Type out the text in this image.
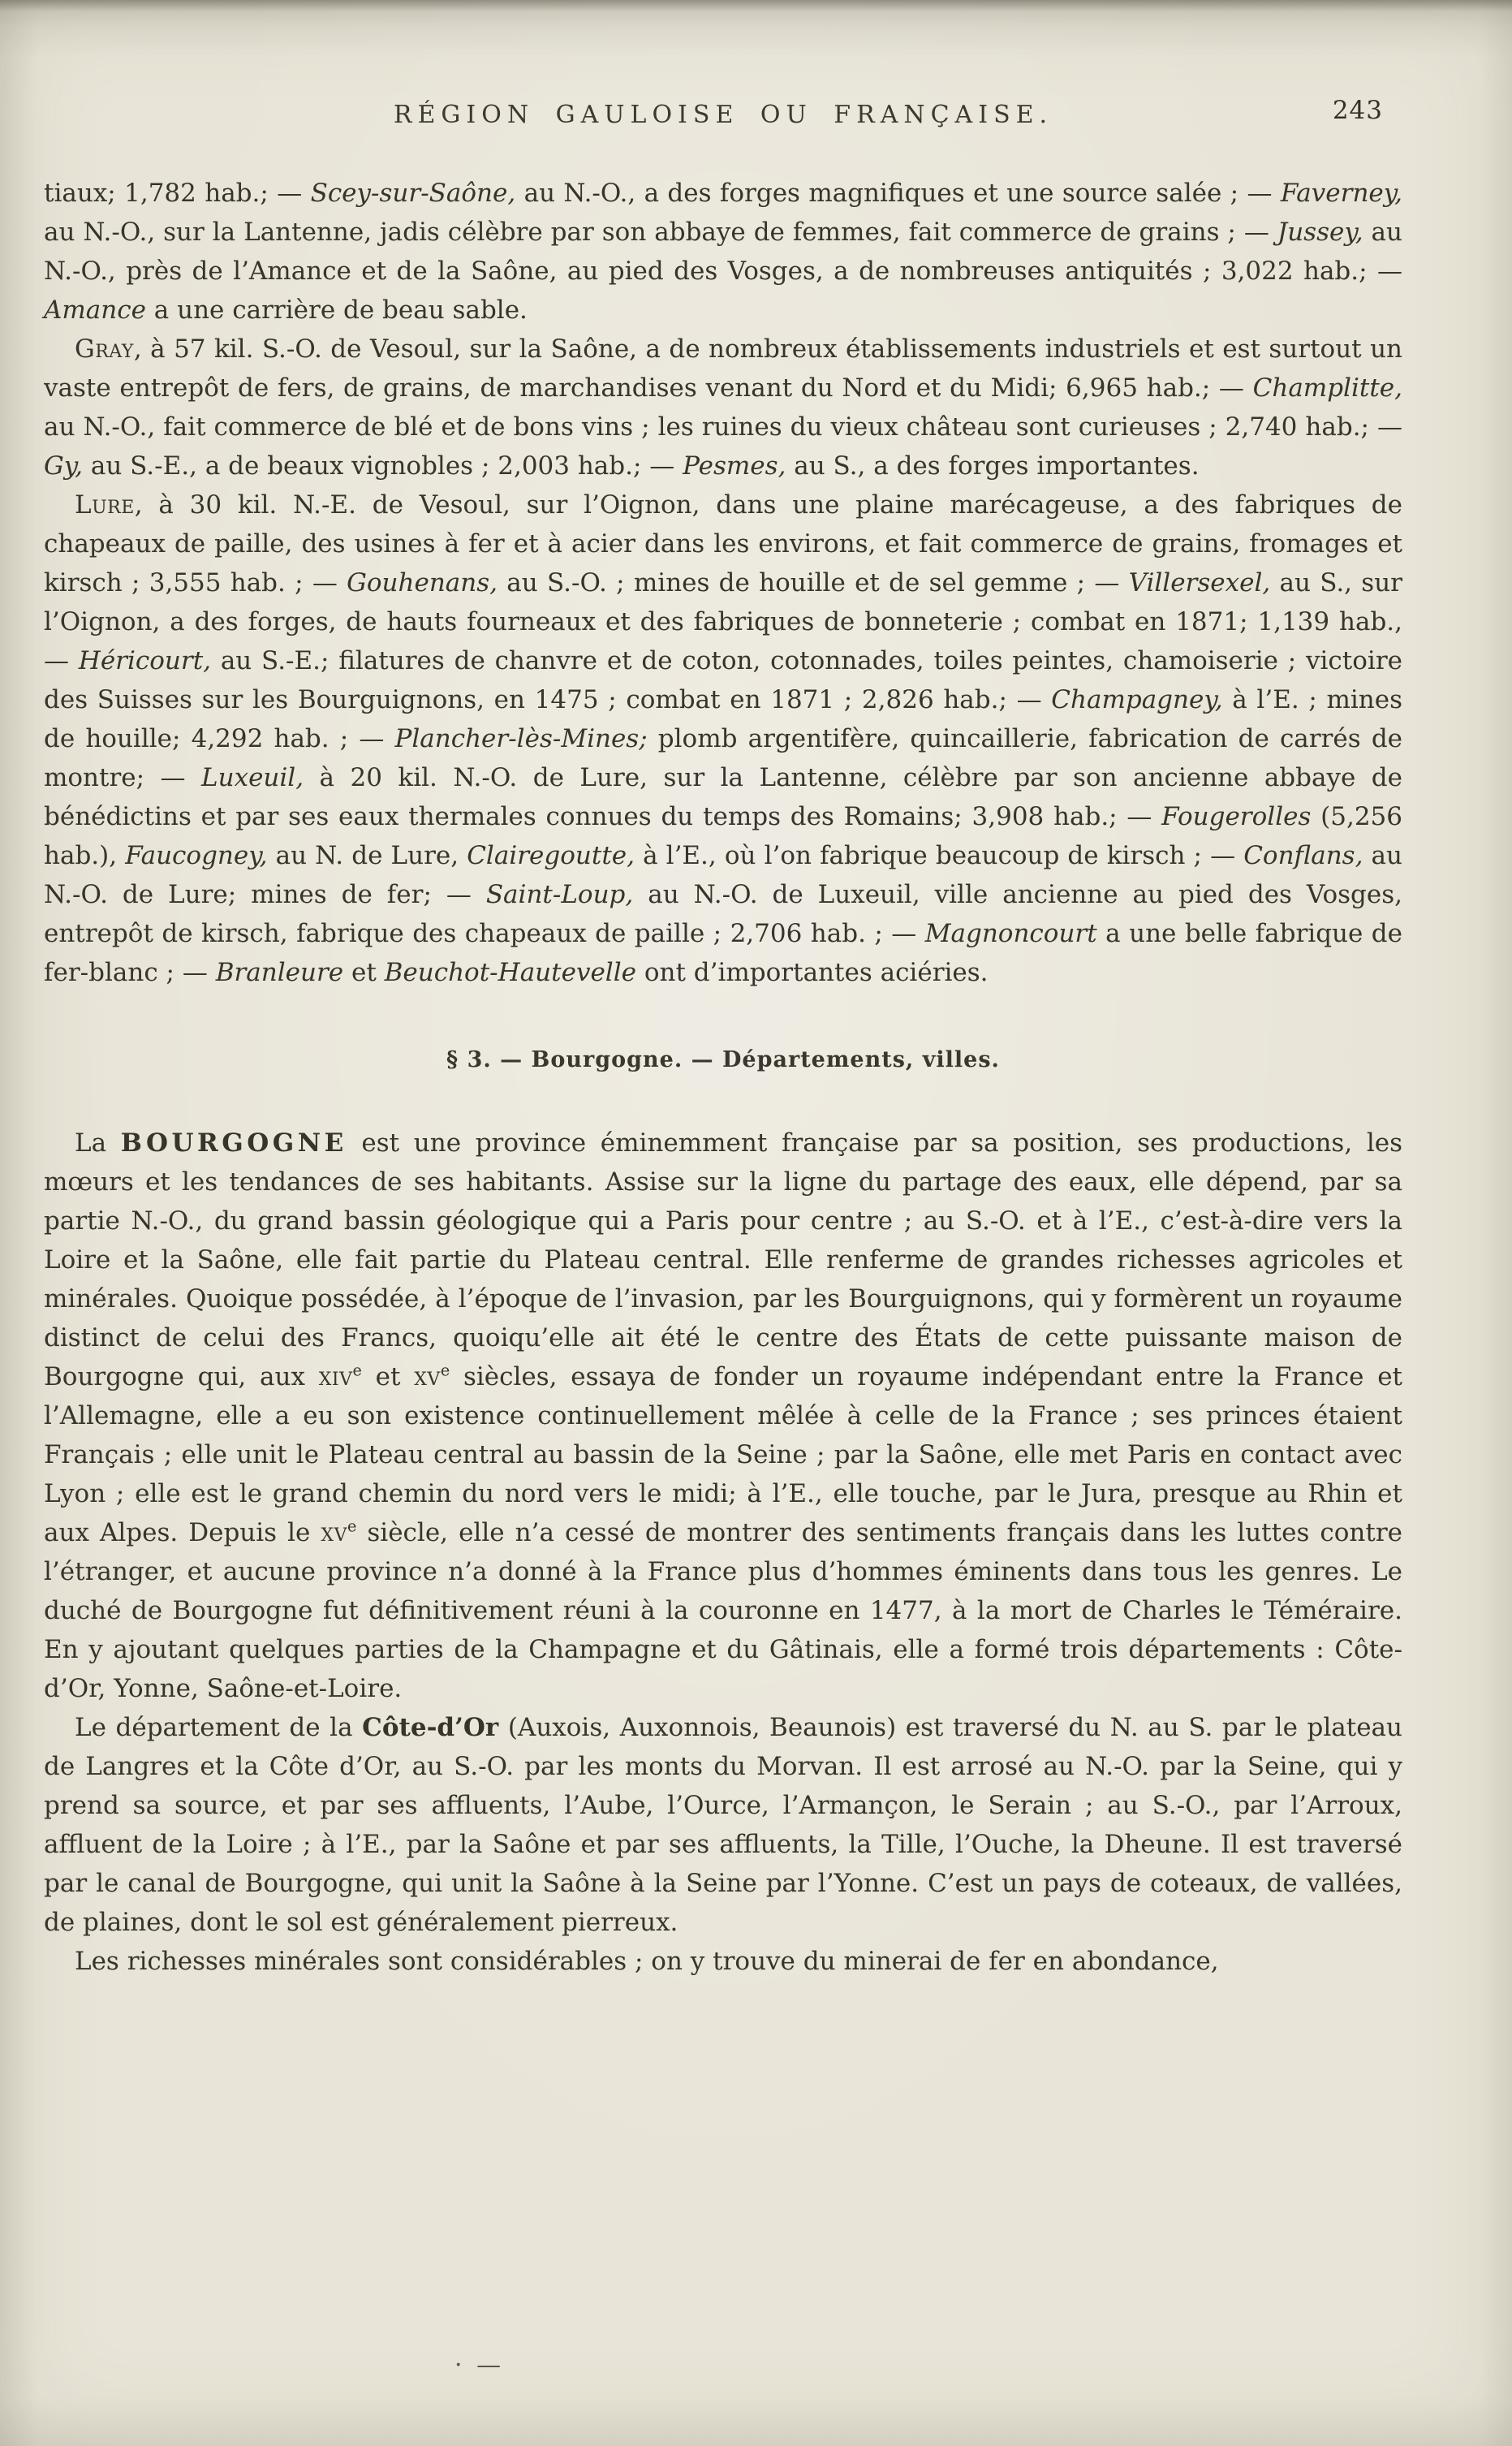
RÉGION GAULOISE OU FRANÇAISE.	243

tiaux; 1,782 hab.; — Scey-sur-Saône, au N.-O., a des forges magnifiques et une source salée ; — Faverney, au N.-O., sur la Lantenne, jadis célèbre par son abbaye de femmes, fait commerce de grains ; — Jussey, au N.-O., près de l’Amance et de la Saône, au pied des Vosges, a de nombreuses antiquités ; 3,022 hab.; — Amance a une carrière de beau sable.

Gray, à 57 kil. S.-O. de Vesoul, sur la Saône, a de nombreux établissements industriels et est surtout un vaste entrepôt de fers, de grains, de marchandises venant du Nord et du Midi; 6,965 hab.; — Champlitte, au N.-O., fait commerce de blé et de bons vins ; les ruines du vieux château sont curieuses ; 2,740 hab.; — Gy, au S.-E., a de beaux vignobles ; 2,003 hab.; — Pesmes, au S., a des forges importantes.

Lure, à 30 kil. N.-E. de Vesoul, sur l’Oignon, dans une plaine marécageuse, a des fabriques de chapeaux de paille, des usines à fer et à acier dans les environs, et fait commerce de grains, fromages et kirsch ; 3,555 hab. ; — Gouhenans, au S.-O. ; mines de houille et de sel gemme ; — Villersexel, au S., sur l’Oignon, a des forges, de hauts fourneaux et des fabriques de bonneterie ; combat en 1871; 1,139 hab., — Héricourt, au S.-E.; filatures de chanvre et de coton, cotonnades, toiles peintes, chamoiserie ; victoire des Suisses sur les Bourguignons, en 1475 ; combat en 1871 ; 2,826 hab.; — Champagney, à l’E. ; mines de houille; 4,292 hab. ; — Plancher-lès-Mines; plomb argentifère, quincaillerie, fabrication de carrés de montre; — Luxeuil, à 20 kil. N.-O. de Lure, sur la Lantenne, célèbre par son ancienne abbaye de bénédictins et par ses eaux thermales connues du temps des Romains; 3,908 hab.; — Fougerolles (5,256 hab.), Faucogney, au N. de Lure, Clairegoutte, à l’E., où l’on fabrique beaucoup de kirsch ; — Conflans, au N.-O. de Lure; mines de fer; — Saint-Loup, au N.-O. de Luxeuil, ville ancienne au pied des Vosges, entrepôt de kirsch, fabrique des chapeaux de paille ; 2,706 hab. ; — Magnoncourt a une belle fabrique de fer-blanc ; — Branleure et Beuchot-Hautevelle ont d’importantes aciéries.

§ 3. — Bourgogne. — Départements, villes.

La BOURGOGNE est une province éminemment française par sa position, ses productions, les mœurs et les tendances de ses habitants. Assise sur la ligne du partage des eaux, elle dépend, par sa partie N.-O., du grand bassin géologique qui a Paris pour centre ; au S.-O. et à l’E., c’est-à-dire vers la Loire et la Saône, elle fait partie du Plateau central. Elle renferme de grandes richesses agricoles et minérales. Quoique possédée, à l’époque de l’invasion, par les Bourguignons, qui y formèrent un royaume distinct de celui des Francs, quoiqu’elle ait été le centre des États de cette puissante maison de Bourgogne qui, aux xiv$^e$ et $xv^e$ siècles, essaya de fonder un royaume indépendant entre la France et l’Allemagne, elle a eu son existence continuellement mêlée à celle de la France ; ses princes étaient Français ; elle unit le Plateau central au bassin de la Seine ; par la Saône, elle met Paris en contact avec Lyon ; elle est le grand chemin du nord vers le midi; à l’E., elle touche, par le Jura, presque au Rhin et aux Alpes. Depuis le $xv^e$ siècle, elle n’a cessé de montrer des sentiments français dans les luttes contre l’étranger, et aucune province n’a donné à la France plus d’hommes éminents dans tous les genres. Le duché de Bourgogne fut définitivement réuni à la couronne en 1477, à la mort de Charles le Téméraire. En y ajoutant quelques parties de la Champagne et du Gâtinais, elle a formé trois départements : Côte-d’Or, Yonne, Saône-et-Loire.

Le département de la Côte-d’Or (Auxois, Auxonnois, Beaunois) est traversé du N. au S. par le plateau de Langres et la Côte d’Or, au S.-O. par les monts du Morvan. Il est arrosé au N.-O. par la Seine, qui y prend sa source, et par ses affluents, l’Aube, l’Ource, l’Armançon, le Serain ; au S.-O., par l’Arroux, affluent de la Loire ; à l’E., par la Saône et par ses affluents, la Tille, l’Ouche, la Dheune. Il est traversé par le canal de Bourgogne, qui unit la Saône à la Seine par l’Yonne. C’est un pays de coteaux, de vallées, de plaines, dont le sol est généralement pierreux.

Les richesses minérales sont considérables ; on y trouve du minerai de fer en abondance,

· —
